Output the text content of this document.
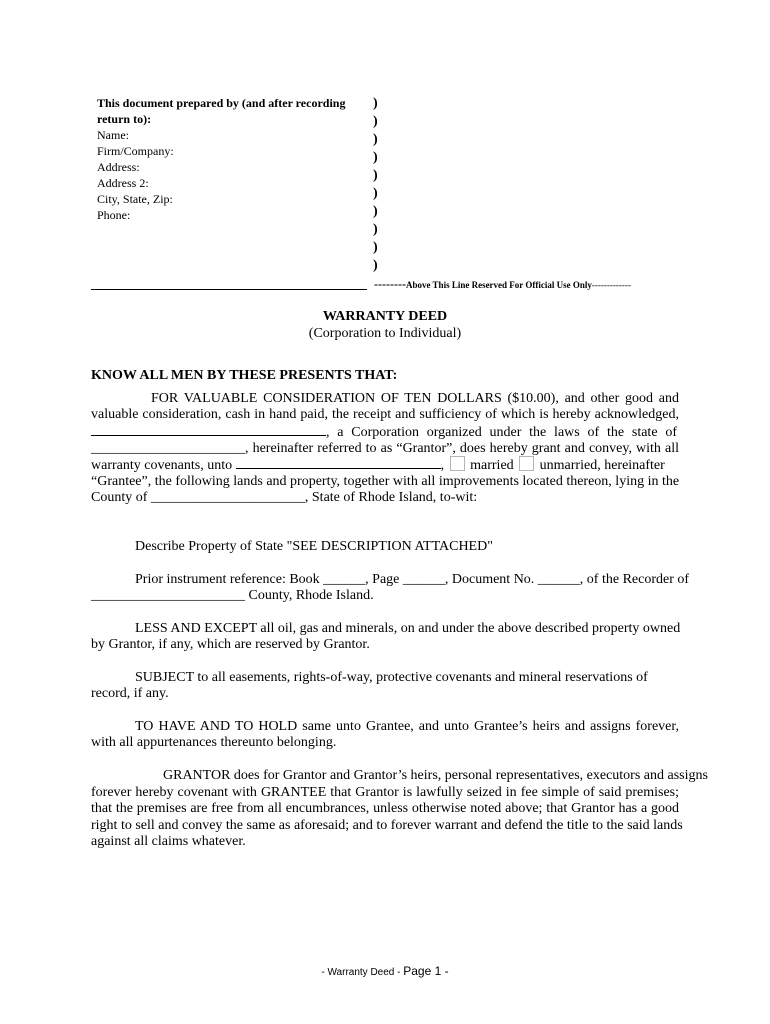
This document prepared by (and after recording
return to):
Name:
Firm/Company:
Address:
Address 2:
City, State, Zip:
Phone:
)
)
)
)
)
)
)
)
)
)
--------Above This Line Reserved For Official Use Only-------------
WARRANTY DEED
(Corporation to Individual)
KNOW ALL MEN BY THESE PRESENTS THAT:
FOR VALUABLE CONSIDERATION OF TEN DOLLARS ($10.00), and other good and
valuable consideration, cash in hand paid, the receipt and sufficiency of which is hereby acknowledged,
, a Corporation organized under the laws of the state of
______________________, hereinafter referred to as “Grantor”, does hereby grant and convey, with all
warranty covenants, unto	, married unmarried, hereinafter
“Grantee”, the following lands and property, together with all improvements located thereon, lying in the
County of ______________________, State of Rhode Island, to-wit:
Describe Property of State "SEE DESCRIPTION ATTACHED"
Prior instrument reference: Book ______, Page ______, Document No. ______, of the Recorder of
______________________ County, Rhode Island.
LESS AND EXCEPT all oil, gas and minerals, on and under the above described property owned
by Grantor, if any, which are reserved by Grantor.
SUBJECT to all easements, rights-of-way, protective covenants and mineral reservations of
record, if any.
TO HAVE AND TO HOLD same unto Grantee, and unto Grantee’s heirs and assigns forever,
with all appurtenances thereunto belonging.
GRANTOR does for Grantor and Grantor’s heirs, personal representatives, executors and assigns
forever hereby covenant with GRANTEE that Grantor is lawfully seized in fee simple of said premises;
that the premises are free from all encumbrances, unless otherwise noted above; that Grantor has a good
right to sell and convey the same as aforesaid; and to forever warrant and defend the title to the said lands
against all claims whatever.
- Warranty Deed - Page 1 -
